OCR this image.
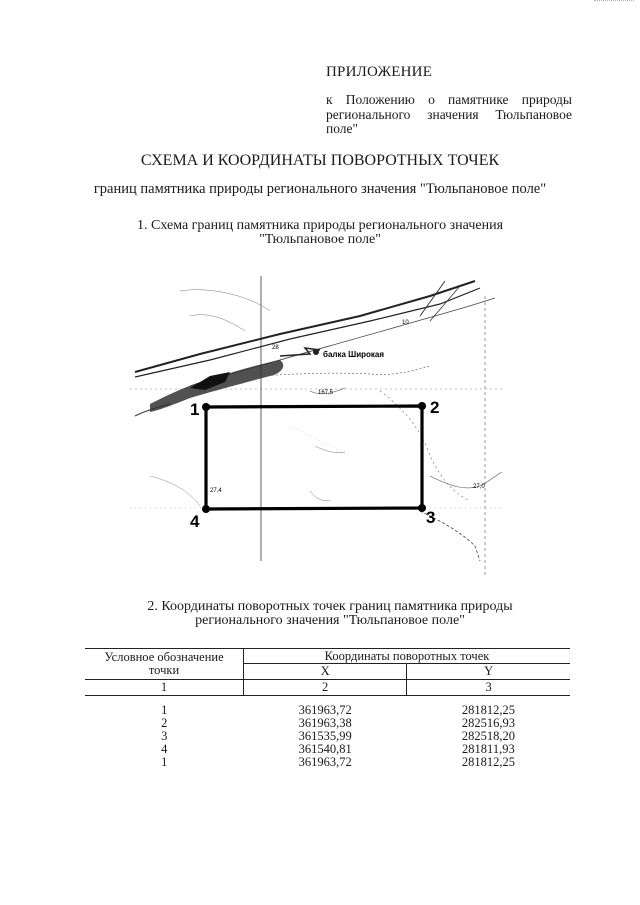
ПРИЛОЖЕНИЕ
к Положению о памятнике природы регионального значения Тюльпановое поле"
СХЕМА И КООРДИНАТЫ ПОВОРОТНЫХ ТОЧЕК
границ памятника природы регионального значения "Тюльпановое поле"
1. Схема границ памятника природы регионального значения
"Тюльпановое поле"
1	2
3
4
балка Широкая
167,5
27,4
27,0
10
28
2. Координаты поворотных точек границ памятника природы
регионального значения "Тюльпановое поле"
Условное обозначение
точки	Координаты поворотных точек	
	X	Y
1	2	3

1	361963,72	281812,25
2	361963,38	282516,93
3	361535,99	282518,20
4	361540,81	281811,93
1	361963,72	281812,25
